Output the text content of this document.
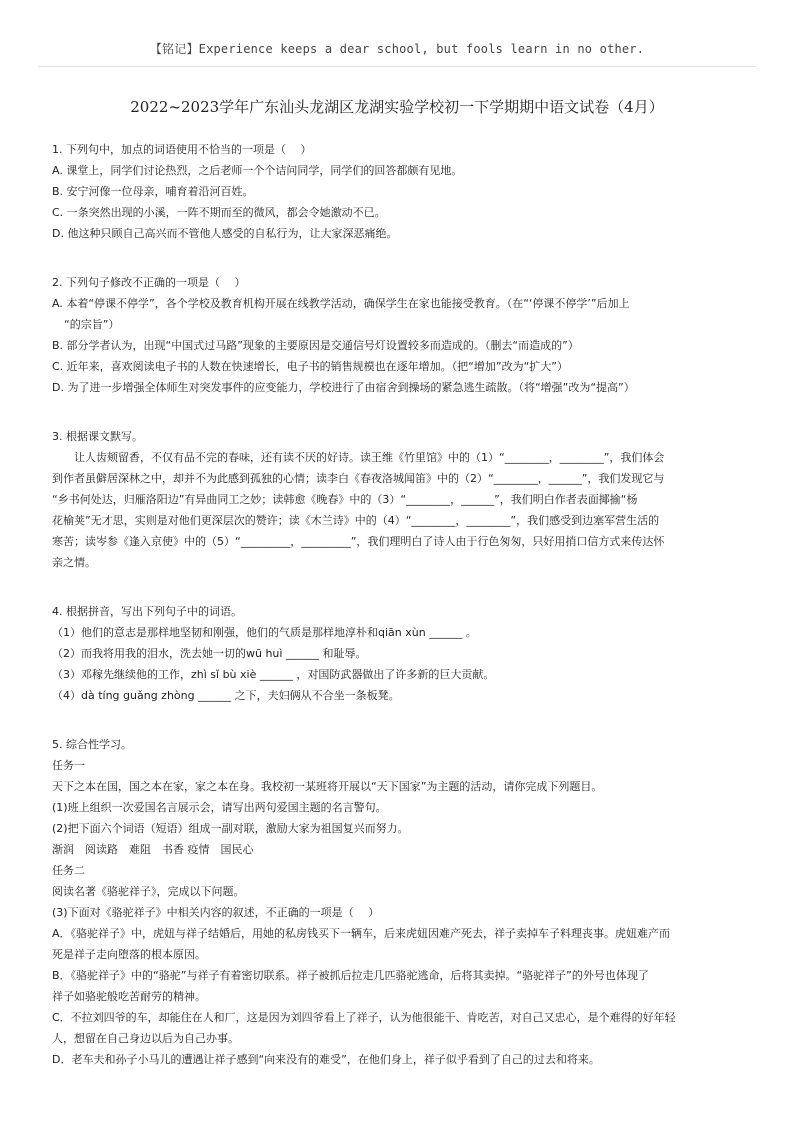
【铭记】Experience keeps a dear school, but fools learn in no other.
2022~2023学年广东汕头龙湖区龙湖实验学校初一下学期期中语文试卷（4月）
1. 下列句中，加点的词语使用不恰当的一项是（　 ）
A. 课堂上，同学们讨论热烈，之后老师一个个诘问同学，同学们的回答都颇有见地。
B. 安宁河像一位母亲，哺育着沿河百姓。
C. 一条突然出现的小溪，一阵不期而至的微风，都会令她激动不已。
D. 他这种只顾自己高兴而不管他人感受的自私行为，让大家深恶痛绝。
2. 下列句子修改不正确的一项是（　 ）
A. 本着“停课不停学”，各个学校及教育机构开展在线教学活动，确保学生在家也能接受教育。（在“‘停课不停学’”后加上
“的宗旨”）
B. 部分学者认为，出现“中国式过马路”现象的主要原因是交通信号灯设置较多而造成的。（删去“而造成的”）
C. 近年来，喜欢阅读电子书的人数在快速增长，电子书的销售规模也在逐年增加。（把“增加”改为“扩大”）
D. 为了进一步增强全体师生对突发事件的应变能力，学校进行了由宿舍到操场的紧急逃生疏散。（将“增强”改为“提高”）
3. 根据课文默写。
让人齿颊留香，不仅有品不完的春味，还有读不厌的好诗。读王维《竹里馆》中的（1）“________，________”，我们体会
到作者虽僻居深林之中，却并不为此感到孤独的心情；读李白《春夜洛城闻笛》中的（2）“________，______”，我们发现它与
“乡书何处达，归雁洛阳边”有异曲同工之妙；读韩愈《晚春》中的（3）“________，______”，我们明白作者表面揶揄“杨
花榆荚”无才思，实则是对他们更深层次的赞许；读《木兰诗》中的（4）“________，________”，我们感受到边塞军营生活的
寒苦；读岑参《逢入京使》中的（5）“_________，_________”，我们理明白了诗人由于行色匆匆，只好用捎口信方式来传达怀
亲之情。
4. 根据拼音，写出下列句子中的词语。
（1）他们的意志是那样地坚韧和刚强，他们的气质是那样地淳朴和qiān xùn ______ 。
（2）而我将用我的泪水，洗去她一切的wū huì ______ 和耻辱。
（3）邓稼先继续他的工作，zhì sǐ bù xiè ______ ，对国防武器做出了许多新的巨大贡献。
（4）dà tíng guǎng zhòng ______ 之下，夫妇俩从不合坐一条板凳。
5. 综合性学习。
任务一
天下之本在国，国之本在家，家之本在身。我校初一某班将开展以“天下国家”为主题的活动，请你完成下列题目。
(1)班上组织一次爱国名言展示会，请写出两句爱国主题的名言警句。
(2)把下面六个词语（短语）组成一副对联，激励大家为祖国复兴而努力。
渐润　阅读路　难阻　书香 疫情　国民心
任务二
阅读名著《骆驼祥子》，完成以下问题。
(3)下面对《骆驼祥子》中相关内容的叙述，不正确的一项是（　 ）
A．《骆驼祥子》中，虎妞与祥子结婚后，用她的私房钱买下一辆车，后来虎妞因难产死去，祥子卖掉车子料理丧事。虎妞难产而
死是祥子走向堕落的根本原因。
B．《骆驼祥子》中的“骆驼”与祥子有着密切联系。祥子被抓后拉走几匹骆驼逃命，后将其卖掉。“骆驼祥子”的外号也体现了
祥子如骆驼般吃苦耐劳的精神。
C．不拉刘四爷的车，却能住在人和厂，这是因为刘四爷看上了祥子，认为他很能干、肯吃苦，对自己又忠心，是个难得的好年轻
人，想留在自己身边以后为自己办事。
D．老车夫和孙子小马儿的遭遇让祥子感到“向来没有的难受”，在他们身上，祥子似乎看到了自己的过去和将来。
